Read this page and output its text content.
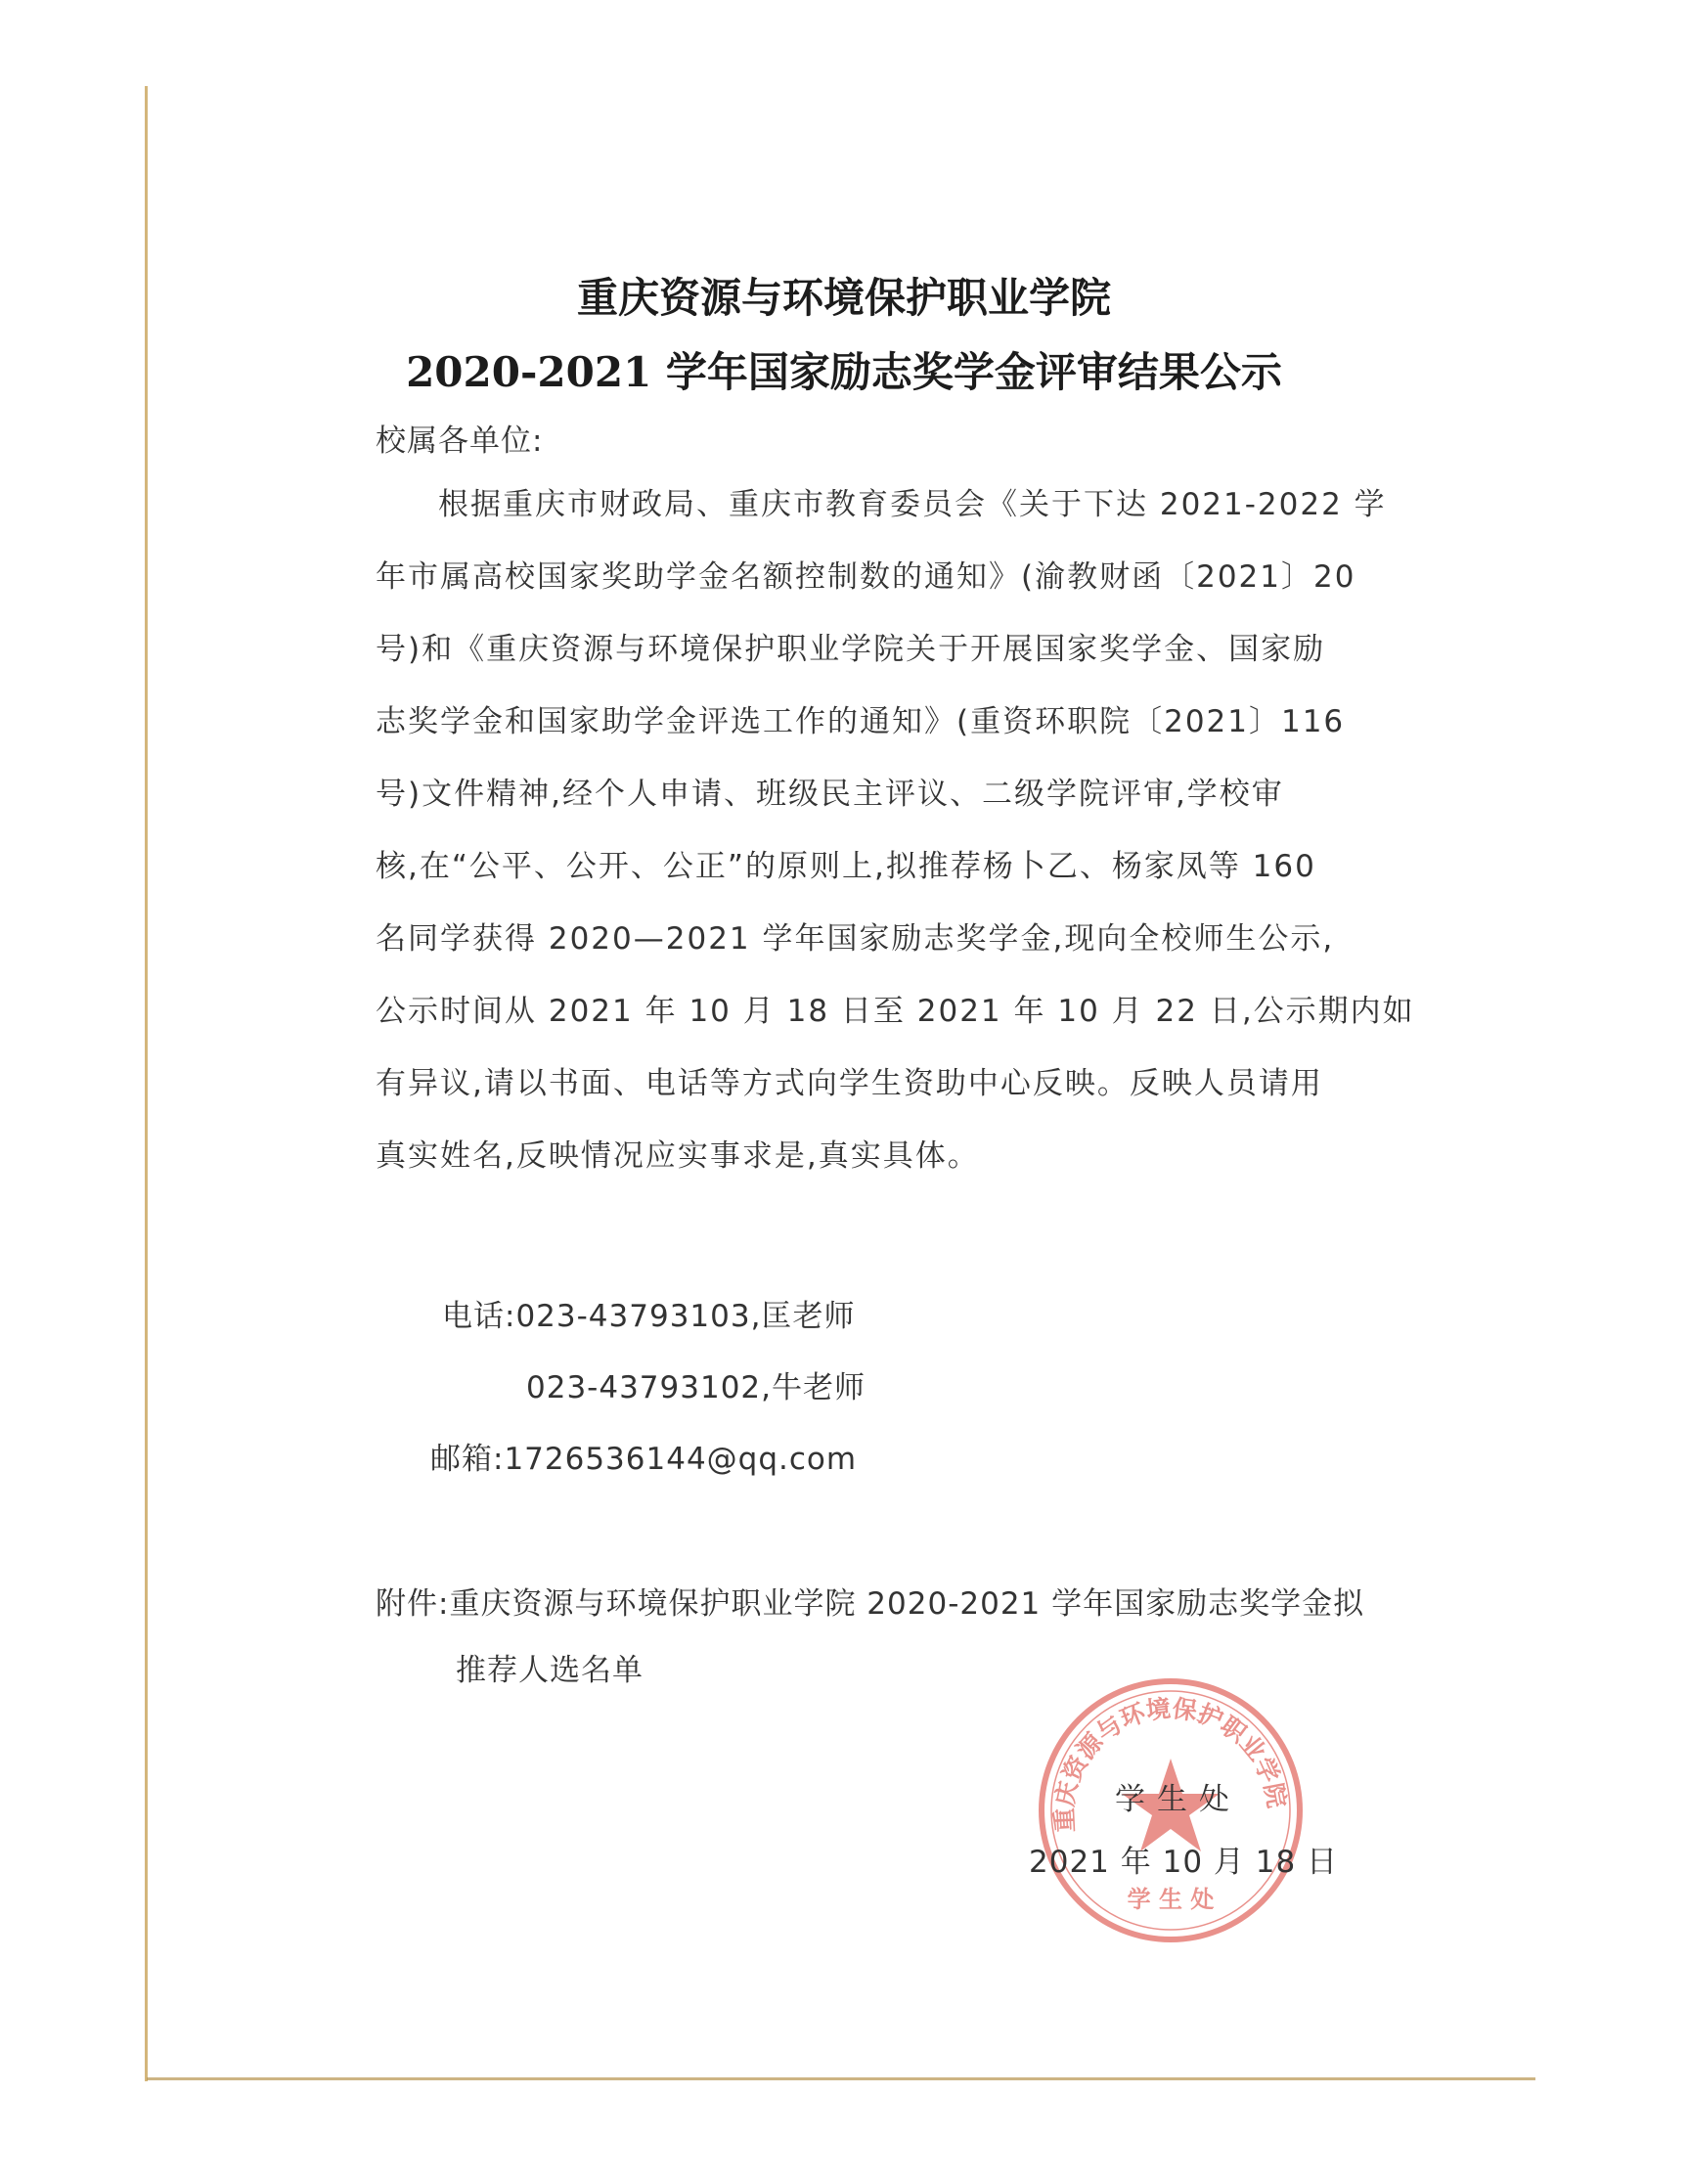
重庆资源与环境保护职业学院
2020-2021 学年国家励志奖学金评审结果公示
校属各单位:
根据重庆市财政局、重庆市教育委员会《关于下达 2021-2022 学
年市属高校国家奖助学金名额控制数的通知》(渝教财函〔2021〕20
号)和《重庆资源与环境保护职业学院关于开展国家奖学金、国家励
志奖学金和国家助学金评选工作的通知》(重资环职院〔2021〕116
号)文件精神,经个人申请、班级民主评议、二级学院评审,学校审
核,在“公平、公开、公正”的原则上,拟推荐杨卜乙、杨家凤等 160
名同学获得 2020—2021 学年国家励志奖学金,现向全校师生公示,
公示时间从 2021 年 10 月 18 日至 2021 年 10 月 22 日,公示期内如
有异议,请以书面、电话等方式向学生资助中心反映。反映人员请用
真实姓名,反映情况应实事求是,真实具体。
电话:023-43793103,匡老师
023-43793102,牛老师
邮箱:1726536144@qq.com
附件:重庆资源与环境保护职业学院 2020-2021 学年国家励志奖学金拟
推荐人选名单
重庆资源与环境保护职业学院
学 生 处
学生处
2021 年 10 月 18 日
